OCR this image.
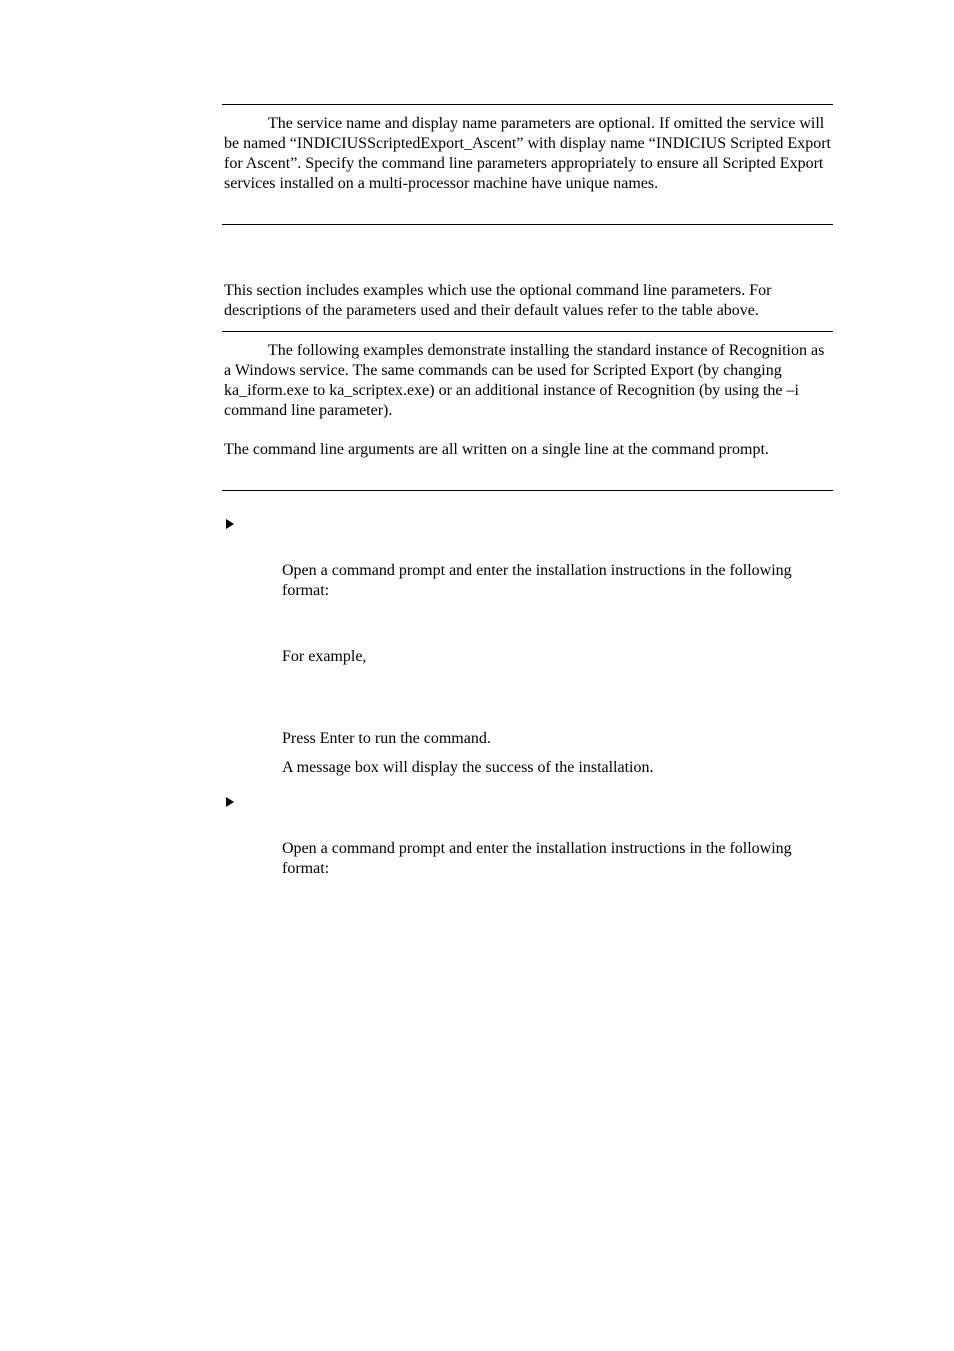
The service name and display name parameters are optional. If omitted the service will be named “INDICIUSScriptedExport_Ascent” with display name “INDICIUS Scripted Export for Ascent”. Specify the command line parameters appropriately to ensure all Scripted Export services installed on a multi-processor machine have unique names.

This section includes examples which use the optional command line parameters. For descriptions of the parameters used and their default values refer to the table above.

The following examples demonstrate installing the standard instance of Recognition as a Windows service. The same commands can be used for Scripted Export (by changing ka_iform.exe to ka_scriptex.exe) or an additional instance of Recognition (by using the –i command line parameter).

The command line arguments are all written on a single line at the command prompt.

Open a command prompt and enter the installation instructions in the following format:

For example,

Press Enter to run the command.

A message box will display the success of the installation.

Open a command prompt and enter the installation instructions in the following format:
